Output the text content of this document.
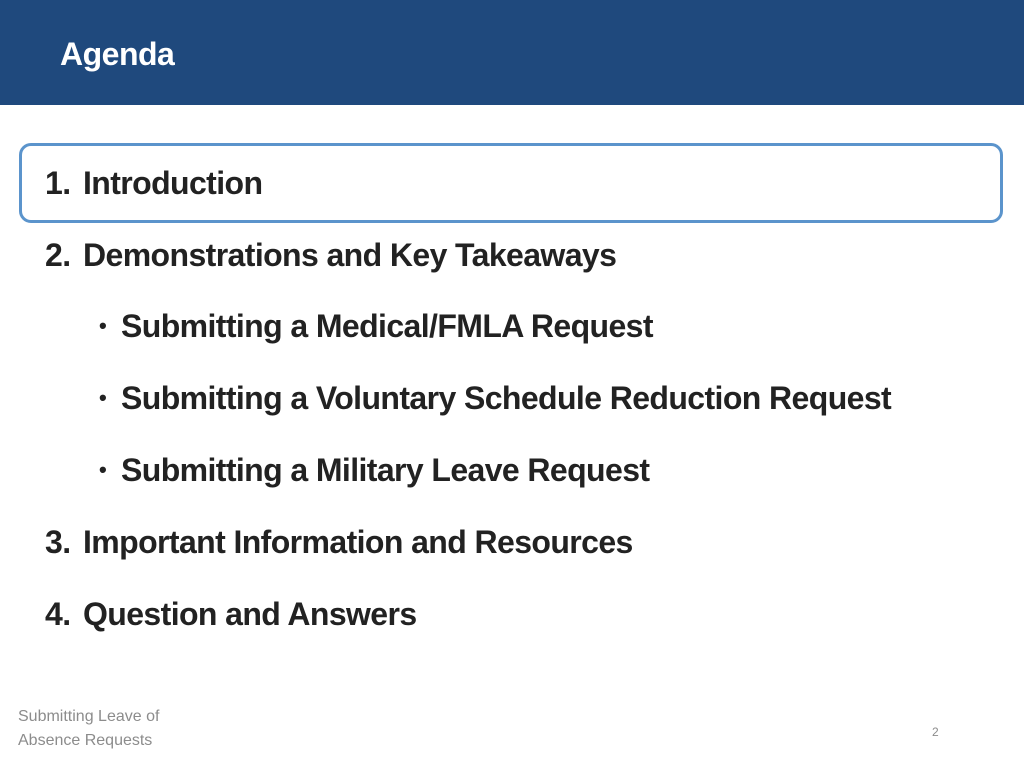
Agenda
1. Introduction
2. Demonstrations and Key Takeaways
• Submitting a Medical/FMLA Request
• Submitting a Voluntary Schedule Reduction Request
• Submitting a Military Leave Request
3. Important Information and Resources
4. Question and Answers
Submitting Leave of Absence Requests	2
